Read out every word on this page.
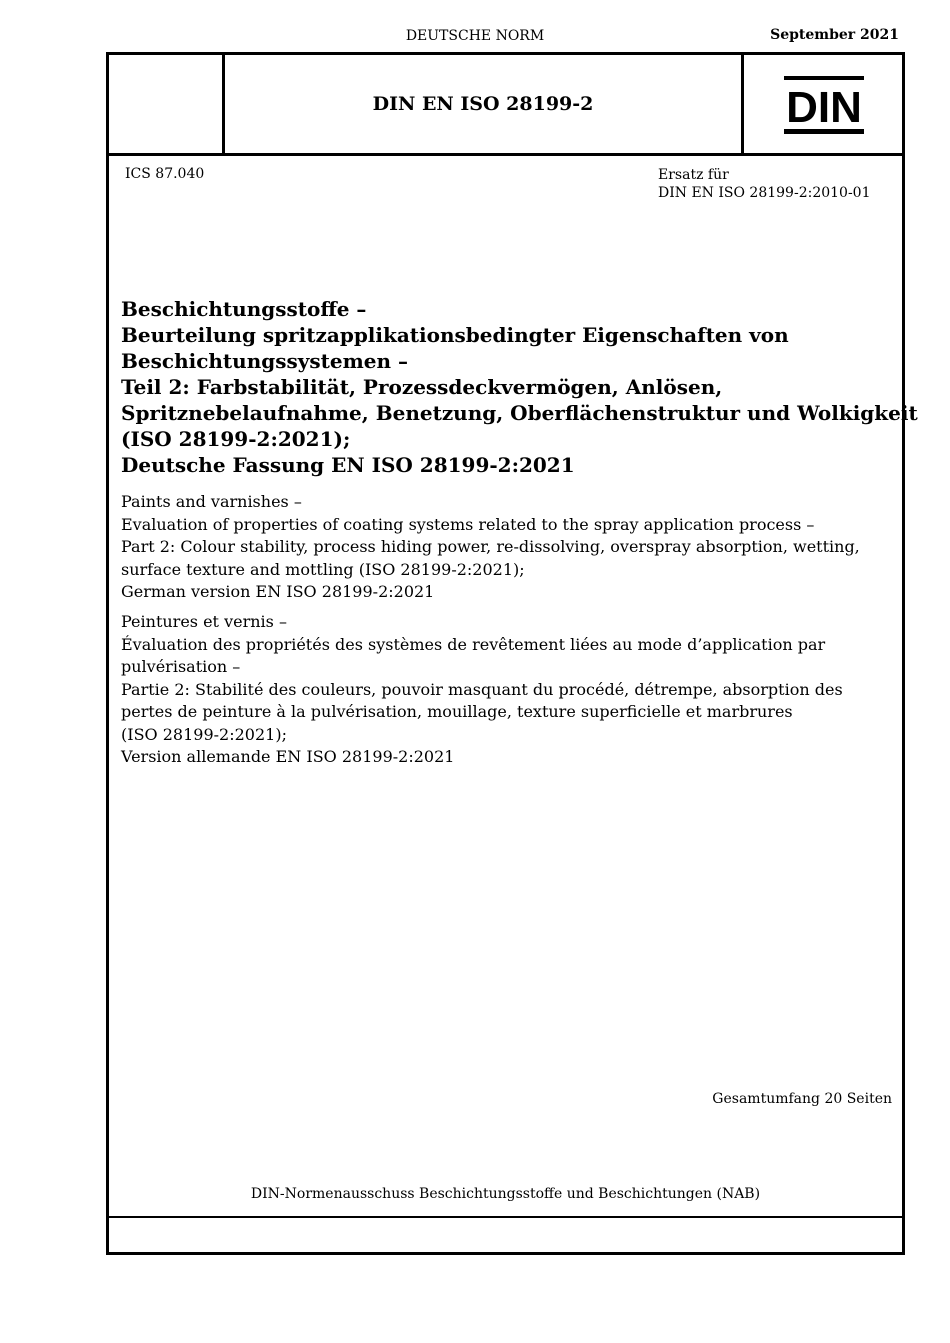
DEUTSCHE NORM	September 2021
DIN EN ISO 28199-2	DIN
ICS 87.040	Ersatz für
DIN EN ISO 28199-2:2010-01
Beschichtungsstoffe –
Beurteilung spritzapplikationsbedingter Eigenschaften von
Beschichtungssystemen –
Teil 2: Farbstabilität, Prozessdeckvermögen, Anlösen,
Spritznebelaufnahme, Benetzung, Oberflächenstruktur und Wolkigkeit
(ISO 28199-2:2021);
Deutsche Fassung EN ISO 28199-2:2021
Paints and varnishes –
Evaluation of properties of coating systems related to the spray application process –
Part 2: Colour stability, process hiding power, re-dissolving, overspray absorption, wetting,
surface texture and mottling (ISO 28199-2:2021);
German version EN ISO 28199-2:2021
Peintures et vernis –
Évaluation des propriétés des systèmes de revêtement liées au mode d’application par
pulvérisation –
Partie 2: Stabilité des couleurs, pouvoir masquant du procédé, détrempe, absorption des
pertes de peinture à la pulvérisation, mouillage, texture superficielle et marbrures
(ISO 28199-2:2021);
Version allemande EN ISO 28199-2:2021
Gesamtumfang 20 Seiten
DIN-Normenausschuss Beschichtungsstoffe und Beschichtungen (NAB)
